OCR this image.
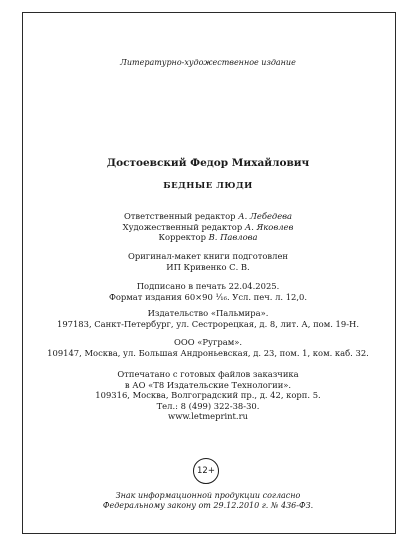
Литературно-художественное издание
Достоевский Федор Михайлович
БЕДНЫЕ ЛЮДИ
Ответственный редактор А. Лебедева
Художественный редактор А. Яковлев
Корректор В. Павлова
Оригинал-макет книги подготовлен
ИП Кривенко С. В.
Подписано в печать 22.04.2025.
Формат издания 60×90 ¹⁄₁₆. Усл. печ. л. 12,0.
Издательство «Пальмира».
197183, Санкт-Петербург, ул. Сестрорецкая, д. 8, лит. А, пом. 19-Н.
ООО «Руграм».
109147, Москва, ул. Большая Андроньевская, д. 23, пом. 1, ком. каб. 32.
Отпечатано с готовых файлов заказчика
в АО «Т8 Издательские Технологии».
109316, Москва, Волгоградский пр., д. 42, корп. 5.
Тел.: 8 (499) 322-38-30.
www.letmeprint.ru
12+
Знак информационной продукции согласно
Федеральному закону от 29.12.2010 г. № 436-ФЗ.
